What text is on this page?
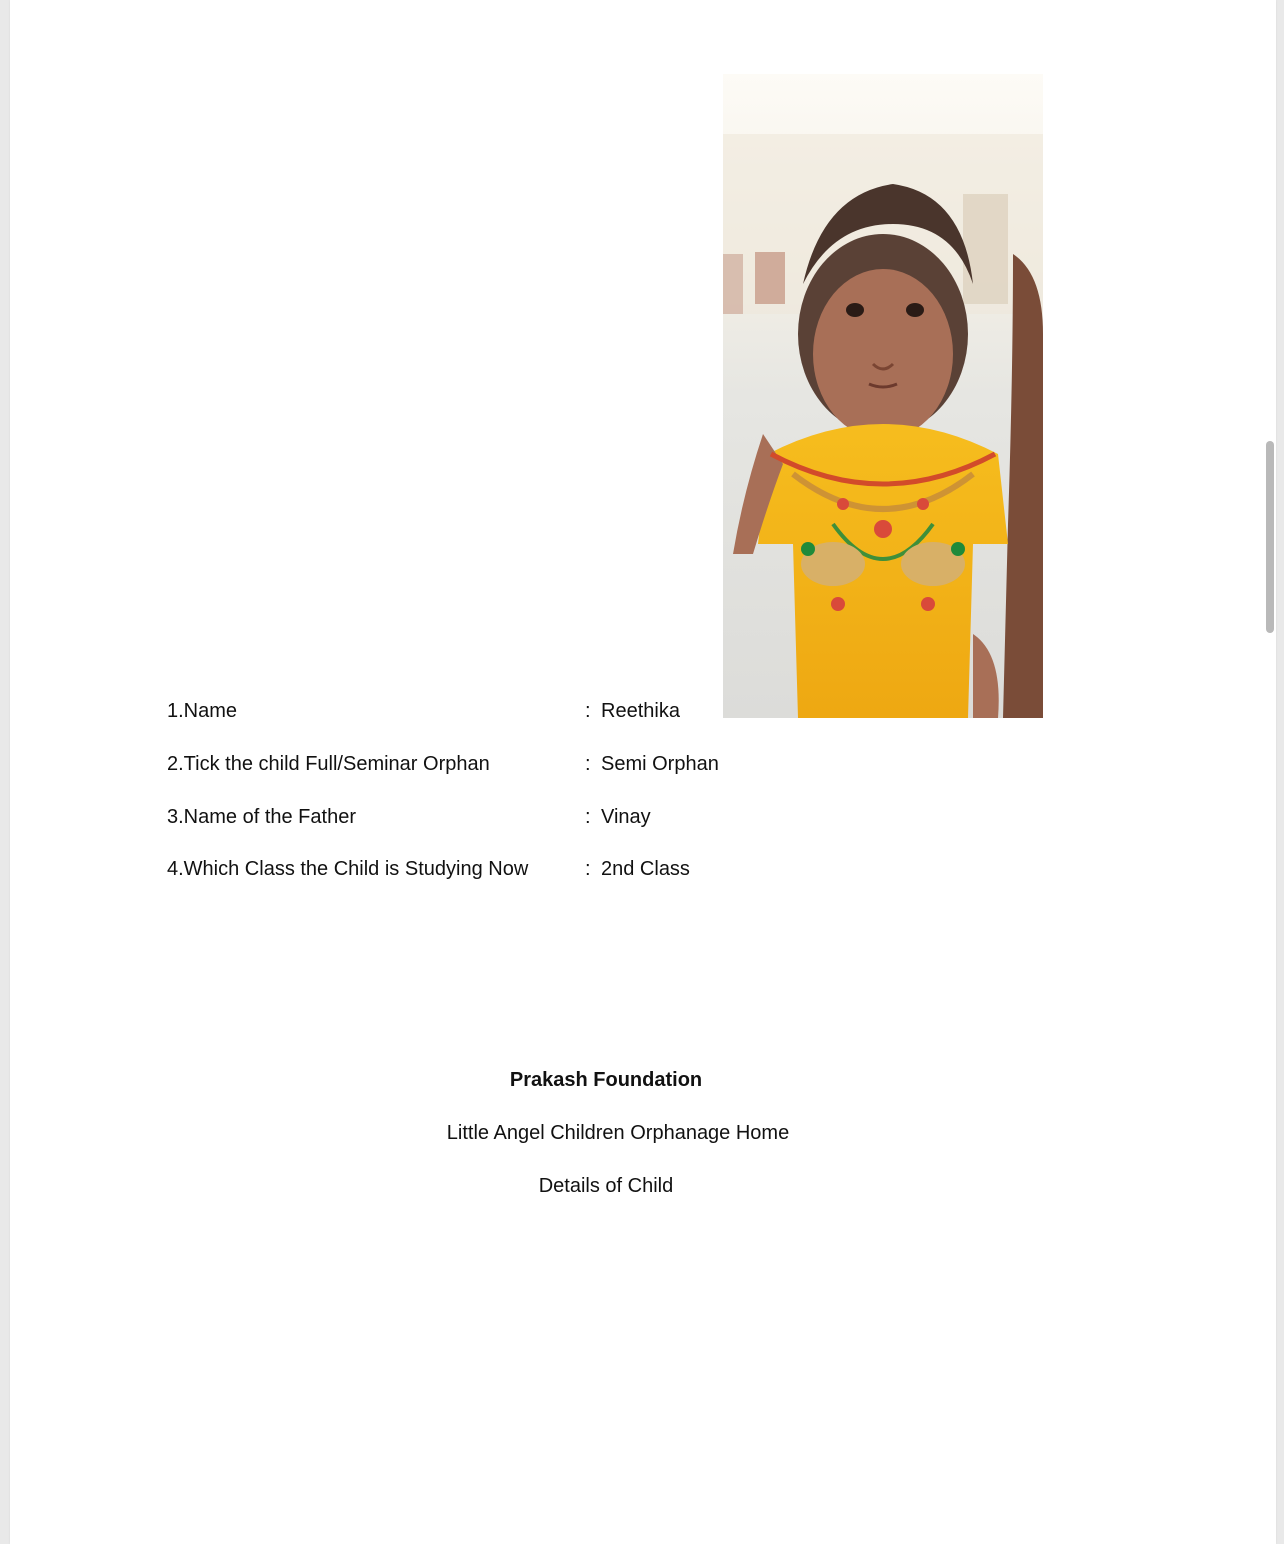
1.Name	: Reethika
2.Tick the child Full/Seminar Orphan	: Semi Orphan
3.Name of the Father	: Vinay
4.Which Class the Child is Studying Now	: 2nd Class
Prakash Foundation
Little Angel Children Orphanage Home
Details of Child
